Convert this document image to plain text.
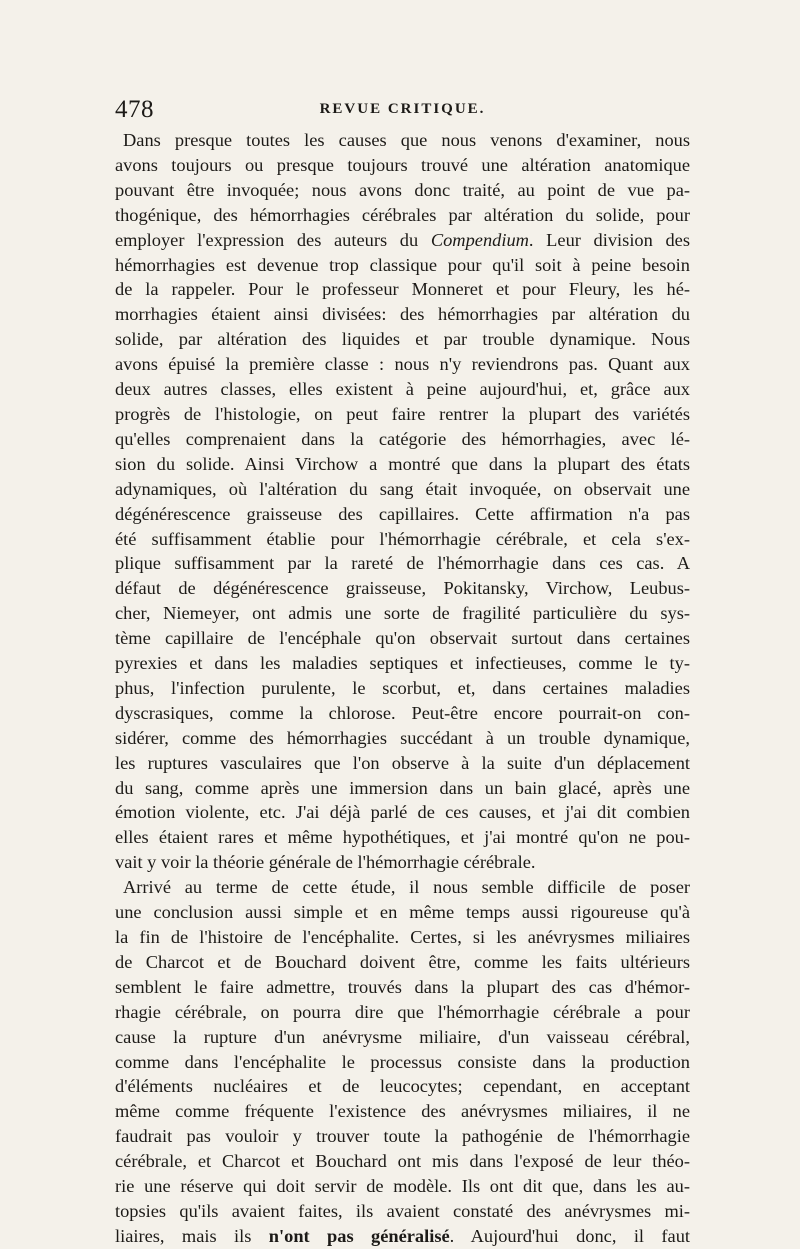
478	REVUE CRITIQUE.
Dans presque toutes les causes que nous venons d'examiner, nous
avons toujours ou presque toujours trouvé une altération anatomique
pouvant être invoquée; nous avons donc traité, au point de vue pa-
thogénique, des hémorrhagies cérébrales par altération du solide, pour
employer l'expression des auteurs du Compendium. Leur division des
hémorrhagies est devenue trop classique pour qu'il soit à peine besoin
de la rappeler. Pour le professeur Monneret et pour Fleury, les hé-
morrhagies étaient ainsi divisées: des hémorrhagies par altération du
solide, par altération des liquides et par trouble dynamique. Nous
avons épuisé la première classe : nous n'y reviendrons pas. Quant aux
deux autres classes, elles existent à peine aujourd'hui, et, grâce aux
progrès de l'histologie, on peut faire rentrer la plupart des variétés
qu'elles comprenaient dans la catégorie des hémorrhagies, avec lé-
sion du solide. Ainsi Virchow a montré que dans la plupart des états
adynamiques, où l'altération du sang était invoquée, on observait une
dégénérescence graisseuse des capillaires. Cette affirmation n'a pas
été suffisamment établie pour l'hémorrhagie cérébrale, et cela s'ex-
plique suffisamment par la rareté de l'hémorrhagie dans ces cas. A
défaut de dégénérescence graisseuse, Pokitansky, Virchow, Leubus-
cher, Niemeyer, ont admis une sorte de fragilité particulière du sys-
tème capillaire de l'encéphale qu'on observait surtout dans certaines
pyrexies et dans les maladies septiques et infectieuses, comme le ty-
phus, l'infection purulente, le scorbut, et, dans certaines maladies
dyscrasiques, comme la chlorose. Peut-être encore pourrait-on con-
sidérer, comme des hémorrhagies succédant à un trouble dynamique,
les ruptures vasculaires que l'on observe à la suite d'un déplacement
du sang, comme après une immersion dans un bain glacé, après une
émotion violente, etc. J'ai déjà parlé de ces causes, et j'ai dit combien
elles étaient rares et même hypothétiques, et j'ai montré qu'on ne pou-
vait y voir la théorie générale de l'hémorrhagie cérébrale.
Arrivé au terme de cette étude, il nous semble difficile de poser
une conclusion aussi simple et en même temps aussi rigoureuse qu'à
la fin de l'histoire de l'encéphalite. Certes, si les anévrysmes miliaires
de Charcot et de Bouchard doivent être, comme les faits ultérieurs
semblent le faire admettre, trouvés dans la plupart des cas d'hémor-
rhagie cérébrale, on pourra dire que l'hémorrhagie cérébrale a pour
cause la rupture d'un anévrysme miliaire, d'un vaisseau cérébral,
comme dans l'encéphalite le processus consiste dans la production
d'éléments nucléaires et de leucocytes; cependant, en acceptant
même comme fréquente l'existence des anévrysmes miliaires, il ne
faudrait pas vouloir y trouver toute la pathogénie de l'hémorrhagie
cérébrale, et Charcot et Bouchard ont mis dans l'exposé de leur théo-
rie une réserve qui doit servir de modèle. Ils ont dit que, dans les au-
topsies qu'ils avaient faites, ils avaient constaté des anévrysmes mi-
liaires, mais ils n'ont pas généralisé. Aujourd'hui donc, il faut
